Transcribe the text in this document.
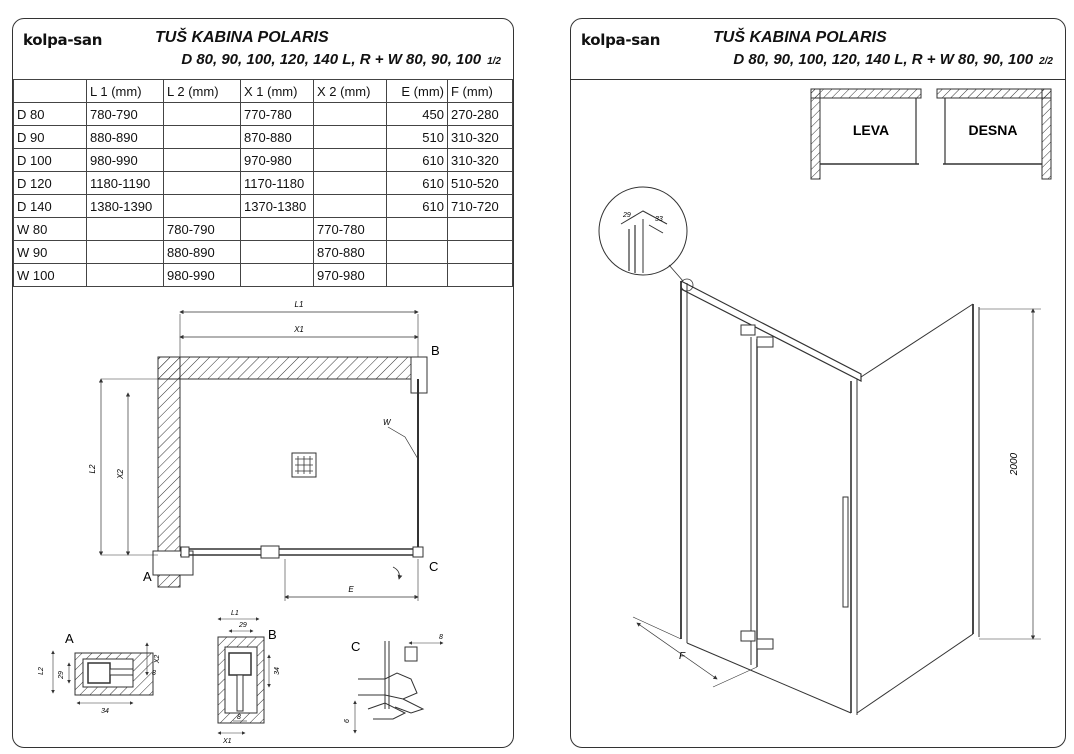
kolpa-san	TUŠ KABINA POLARIS
D 80, 90, 100, 120, 140 L, R + W 80, 90, 100 1/2
	L 1 (mm)	L 2 (mm)	X 1 (mm)	X 2 (mm)	E (mm)	F (mm)
D 80	780-790		770-780		450	270-280
D 90	880-890		870-880		510	310-320
D 100	980-990		970-980		610	310-320
D 120	1180-1190		1170-1180		610	510-520
D 140	1380-1390		1370-1380		610	710-720
W 80		780-790		770-780		
W 90		880-890		870-880		
W 100		980-990		970-980		
L1
X1
L2
X2
E
W
B
A
C
A
L2
29
X2
8
34
B
L1
29
34
8
X1
C
8
6
kolpa-san	TUŠ KABINA POLARIS
D 80, 90, 100, 120, 140 L, R + W 80, 90, 100 2/2
LEVA	DESNA
29
33
2000
F
